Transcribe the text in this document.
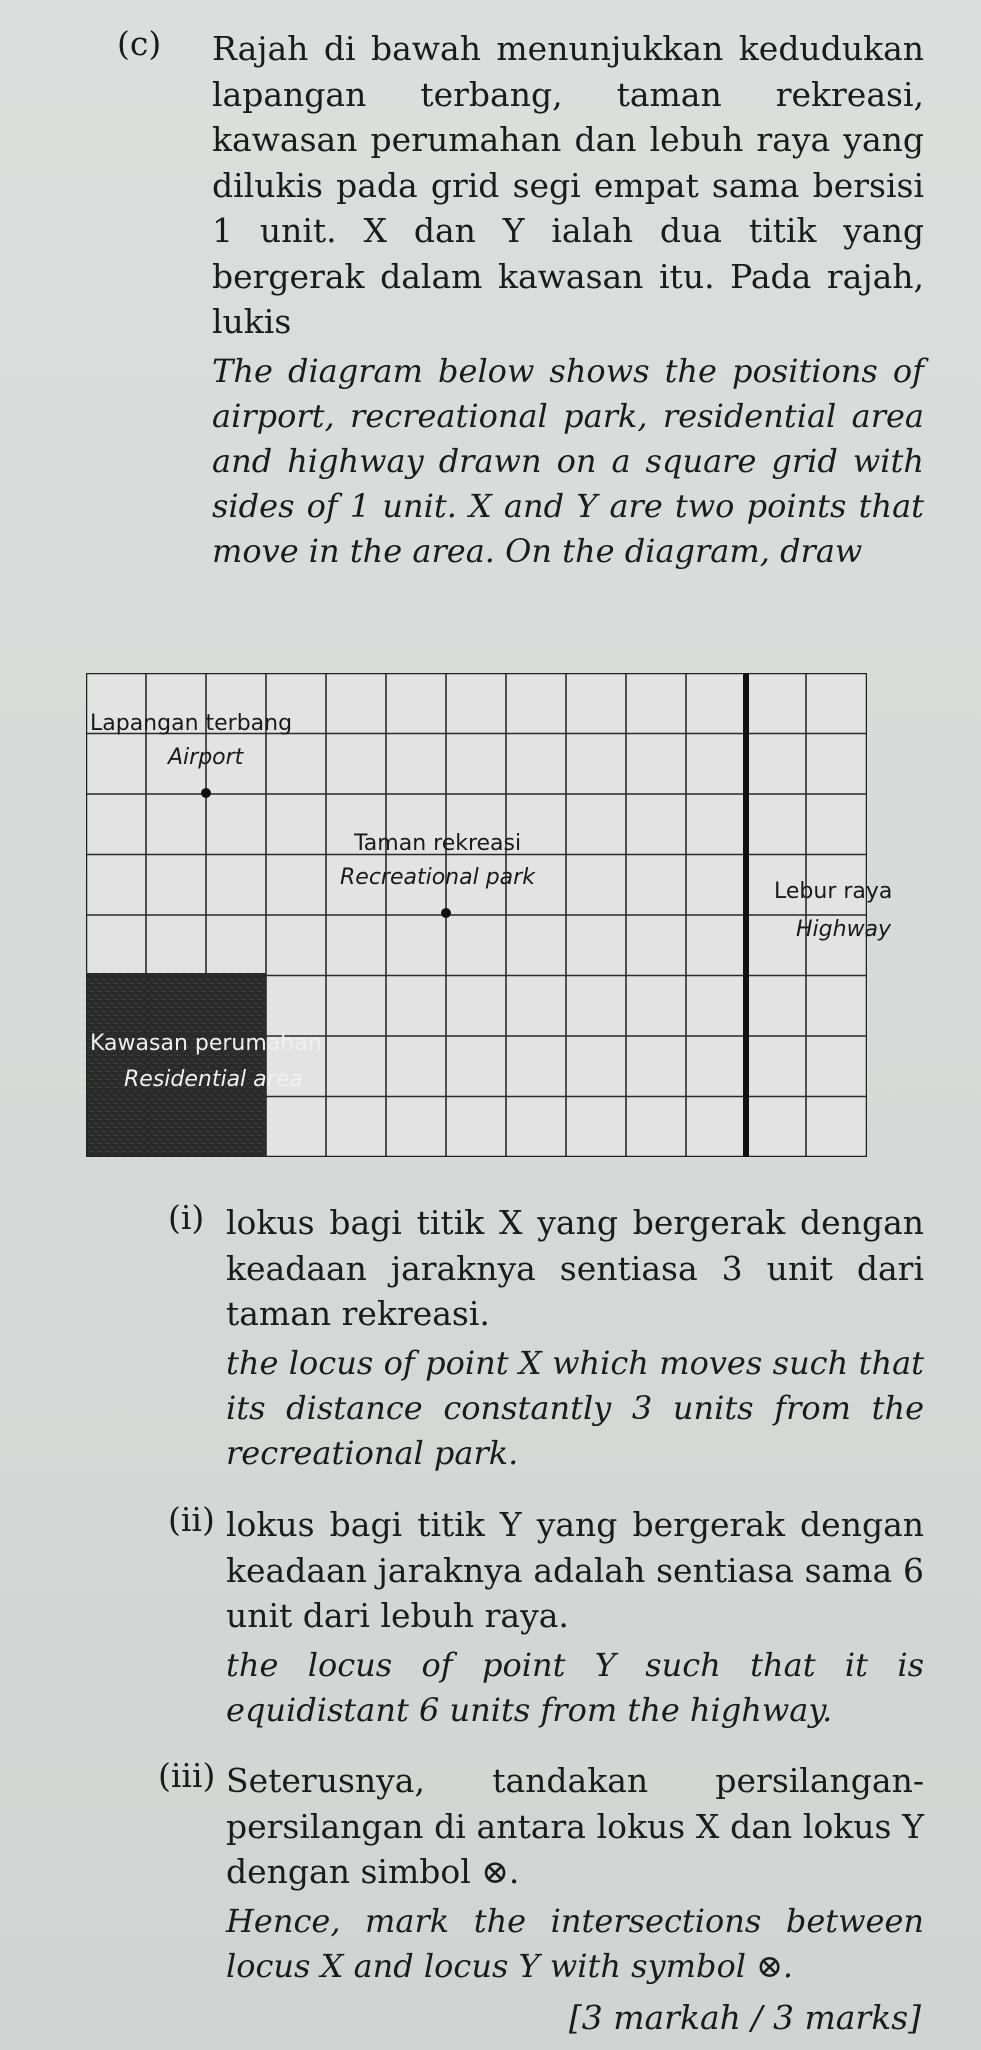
(c) Rajah di bawah menunjukkan kedudukan lapangan terbang, taman rekreasi, kawasan perumahan dan lebuh raya yang dilukis pada grid segi empat sama bersisi 1 unit. X dan Y ialah dua titik yang bergerak dalam kawasan itu. Pada rajah, lukis

The diagram below shows the positions of airport, recreational park, residential area and highway drawn on a square grid with sides of 1 unit. X and Y are two points that move in the area. On the diagram, draw

Lapangan terbang
Airport
Taman rekreasi
Recreational park
Lebur raya
Highway
Kawasan perumahan
Residential area
(i) lokus bagi titik X yang bergerak dengan keadaan jaraknya sentiasa 3 unit dari taman rekreasi.

the locus of point X which moves such that its distance constantly 3 units from the recreational park.

(ii) lokus bagi titik Y yang bergerak dengan keadaan jaraknya adalah sentiasa sama 6 unit dari lebuh raya.

the locus of point Y such that it is equidistant 6 units from the highway.

(iii) Seterusnya, tandakan persilangan-persilangan di antara lokus X dan lokus Y dengan simbol ⊗.

Hence, mark the intersections between locus X and locus Y with symbol ⊗.

[3 markah / 3 marks]
